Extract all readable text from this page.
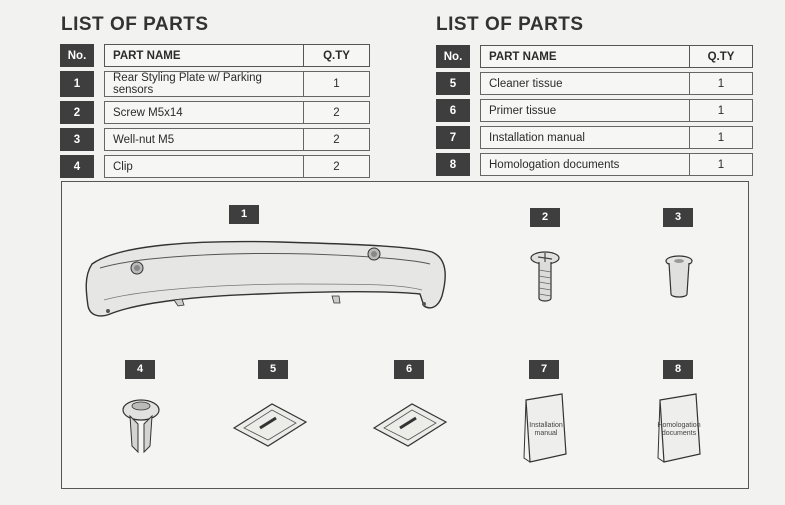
LIST OF PARTS
No.		PART NAME	Q.TY
1		Rear Styling Plate w/ Parking sensors	1
2		Screw M5x14	2
3		Well-nut M5	2
4		Clip	2
LIST OF PARTS
No.		PART NAME	Q.TY
5		Cleaner tissue	1
6		Primer tissue	1
7		Installation manual	1
8		Homologation documents	1
1	2	3
4	5	6	7	8
Installation manual
Homologation documents
